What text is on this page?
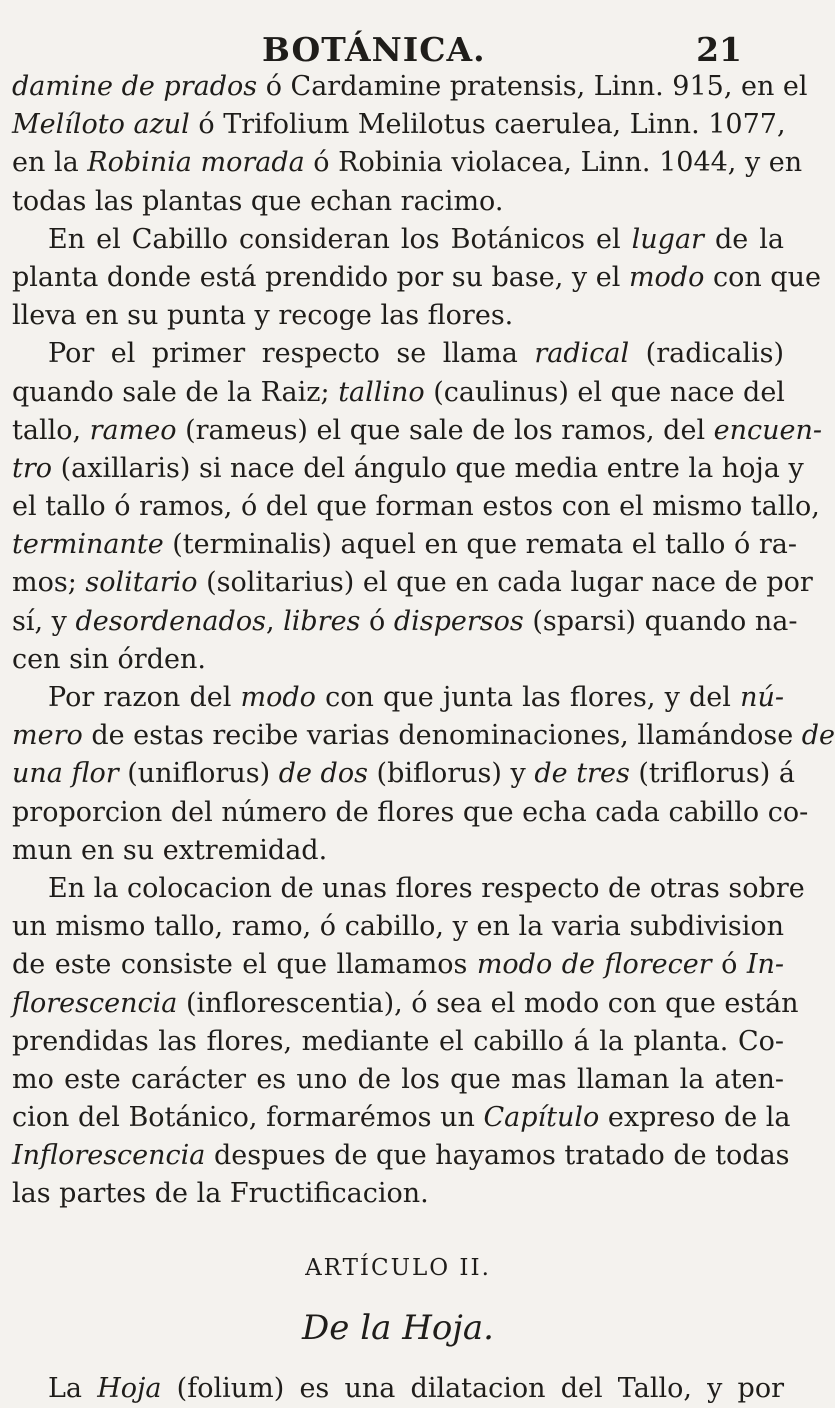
BOTÁNICA.	21
damine de prados ó Cardamine pratensis, Linn. 915, en el
Melíloto azul ó Trifolium Melilotus caerulea, Linn. 1077,
en la Robinia morada ó Robinia violacea, Linn. 1044, y en
todas las plantas que echan racimo.
En el Cabillo consideran los Botánicos el lugar de la
planta donde está prendido por su base, y el modo con que
lleva en su punta y recoge las flores.
Por el primer respecto se llama radical (radicalis)
quando sale de la Raiz; tallino (caulinus) el que nace del
tallo, rameo (rameus) el que sale de los ramos, del encuen-
tro (axillaris) si nace del ángulo que media entre la hoja y
el tallo ó ramos, ó del que forman estos con el mismo tallo,
terminante (terminalis) aquel en que remata el tallo ó ra-
mos; solitario (solitarius) el que en cada lugar nace de por
sí, y desordenados, libres ó dispersos (sparsi) quando na-
cen sin órden.
Por razon del modo con que junta las flores, y del nú-
mero de estas recibe varias denominaciones, llamándose de
una flor (uniflorus) de dos (biflorus) y de tres (triflorus) á
proporcion del número de flores que echa cada cabillo co-
mun en su extremidad.
En la colocacion de unas flores respecto de otras sobre
un mismo tallo, ramo, ó cabillo, y en la varia subdivision
de este consiste el que llamamos modo de florecer ó In-
florescencia (inflorescentia), ó sea el modo con que están
prendidas las flores, mediante el cabillo á la planta. Co-
mo este carácter es uno de los que mas llaman la aten-
cion del Botánico, formarémos un Capítulo expreso de la
Inflorescencia despues de que hayamos tratado de todas
las partes de la Fructificacion.
ARTÍCULO II.
De la Hoja.
La Hoja (folium) es una dilatacion del Tallo, y por
